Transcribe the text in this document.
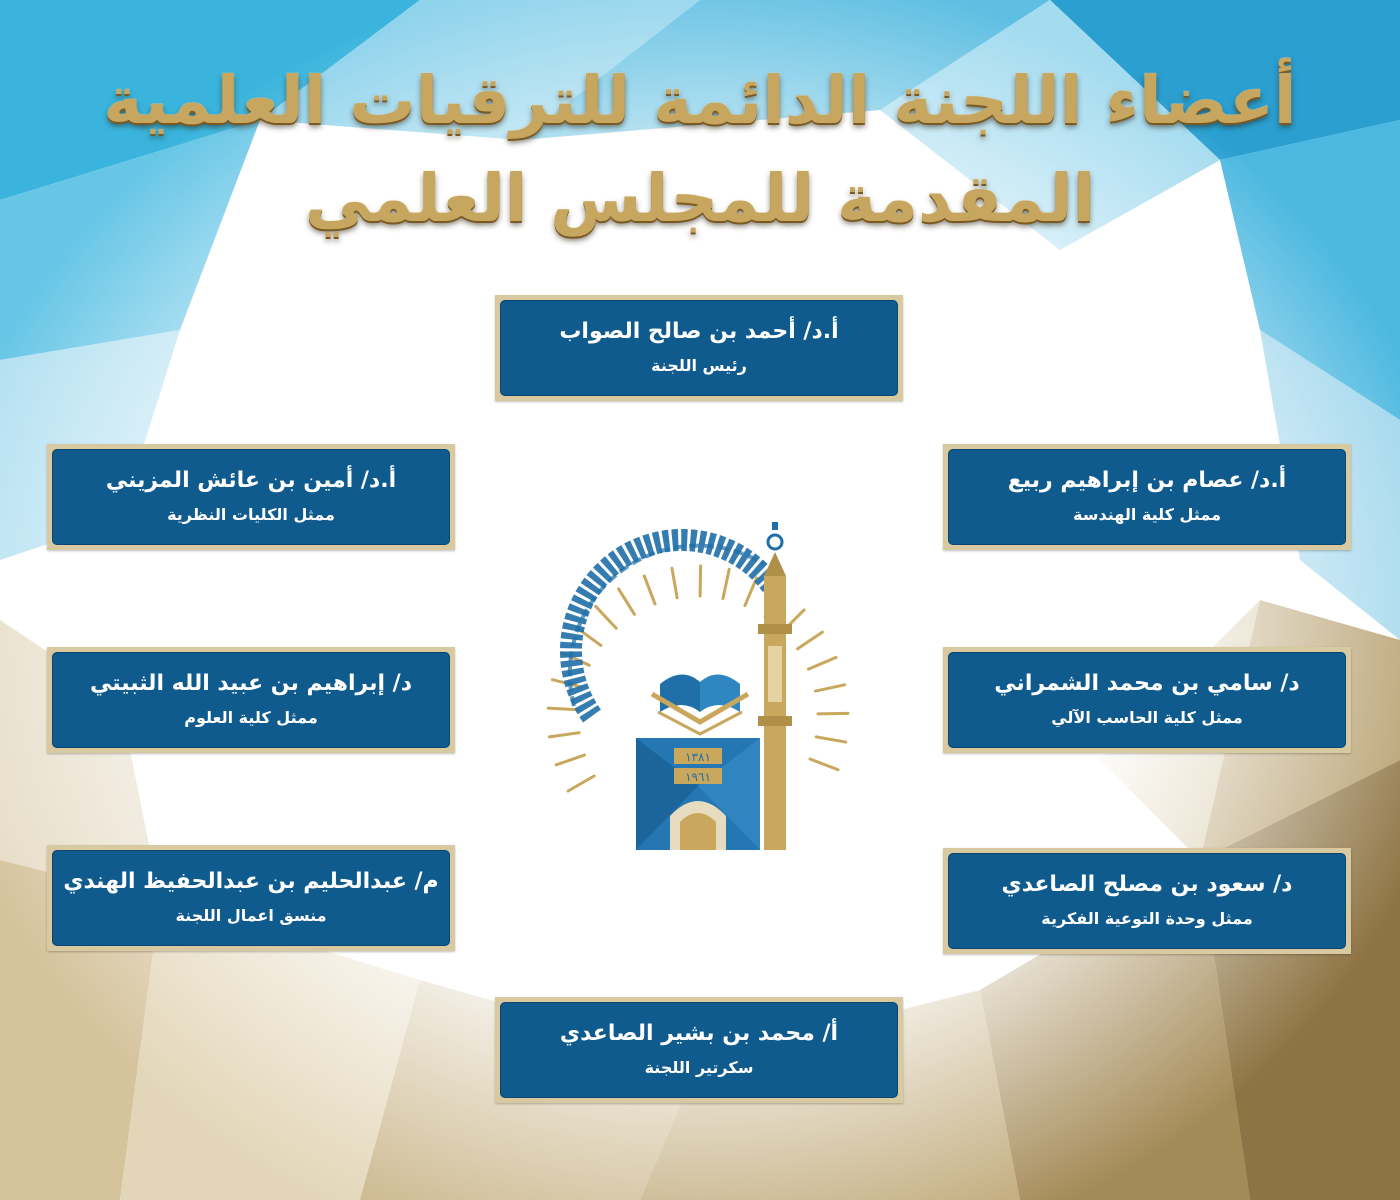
أعضاء اللجنة الدائمة للترقيات العلمية
المقدمة للمجلس العلمي
أ.د/ أحمد بن صالح الصواب
رئيس اللجنة
أ.د/ أمين بن عائش المزيني
ممثل الكليات النظرية
أ.د/ عصام بن إبراهيم ربيع
ممثل كلية الهندسة
د/ إبراهيم بن عبيد الله الثبيتي
ممثل كلية العلوم
د/ سامي بن محمد الشمراني
ممثل كلية الحاسب الآلي
م/ عبدالحليم بن عبدالحفيظ الهندي
منسق اعمال اللجنة
د/ سعود بن مصلح الصاعدي
ممثل وحدة التوعية الفكرية
أ/ محمد بن بشير الصاعدي
سكرتير اللجنة
١٣٨١
١٩٦١
